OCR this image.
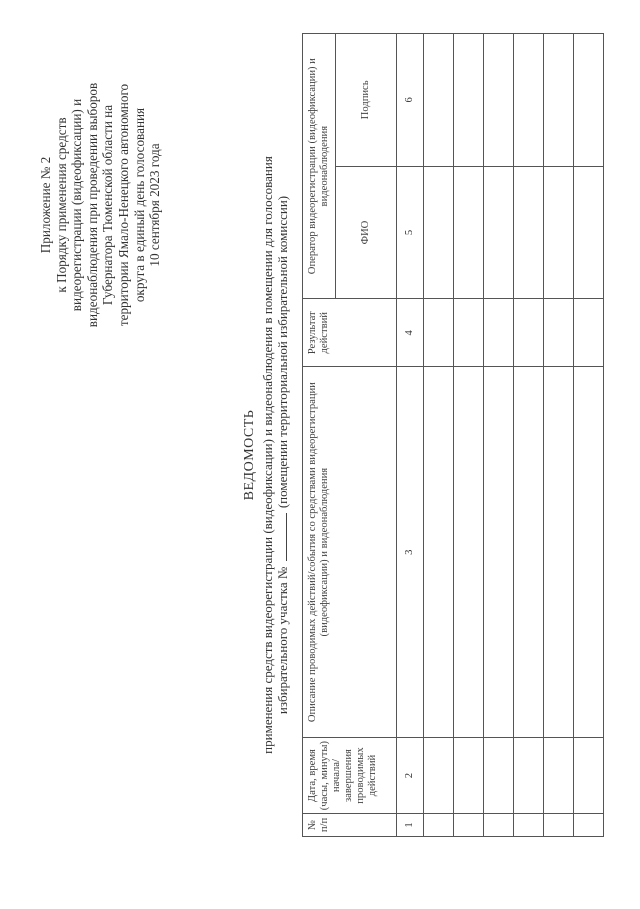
Приложение № 2 к Порядку применения средств видеорегистрации (видеофиксации) и видеонаблюдения при проведении выборов Губернатора Тюменской области на территории Ямало-Ненецкого автономного округа в единый день голосования 10 сентября 2023 года
ВЕДОМОСТЬ применения средств видеорегистрации (видеофиксации) и видеонаблюдения в помещении для голосования избирательного участка №  (помещении территориальной избирательной комиссии)
№ п/п	Дата, время (часы, минуты) начала/завершения проводимых действий	Описание проводимых действий/события со средствами видеорегистрации (видеофиксации) и видеонаблюдения	Результат действий	Оператор видеорегистрации (видеофиксации) и видеонаблюдения	
				ФИО	Подпись
1	2	3	4	5	6
